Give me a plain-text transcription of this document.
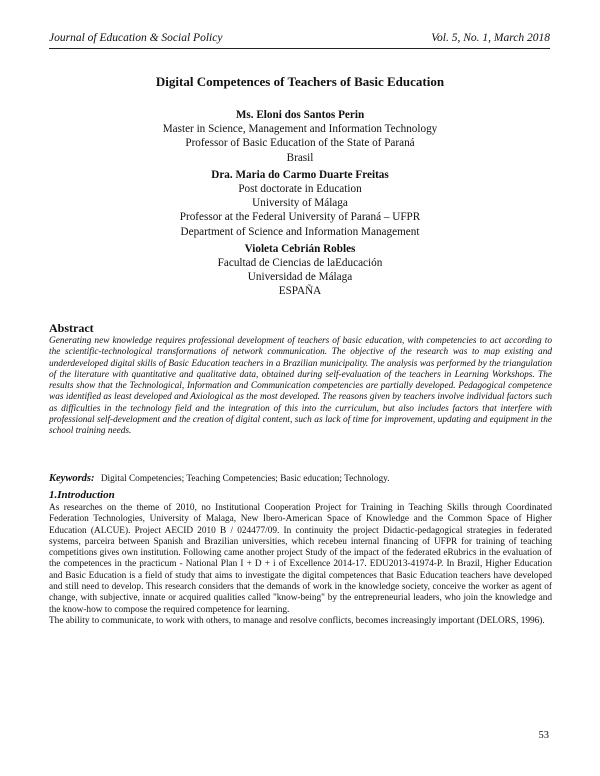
Journal of Education & Social Policy	Vol. 5, No. 1, March 2018
Digital Competences of Teachers of Basic Education
Ms. Eloni dos Santos Perin
Master in Science, Management and Information Technology
Professor of Basic Education of the State of Paraná
Brasil
Dra. Maria do Carmo Duarte Freitas
Post doctorate in Education
University of Málaga
Professor at the Federal University of Paraná – UFPR
Department of Science and Information Management
Violeta Cebrián Robles
Facultad de Ciencias de laEducación
Universidad de Málaga
ESPAÑA
Abstract

Generating new knowledge requires professional development of teachers of basic education, with competencies to act according to the scientific-technological transformations of network communication. The objective of the research was to map existing and underdeveloped digital skills of Basic Education teachers in a Brazilian municipality. The analysis was performed by the triangulation of the literature with quantitative and qualitative data, obtained during self-evaluation of the teachers in Learning Workshops. The results show that the Technological, Information and Communication competencies are partially developed. Pedagogical competence was identified as least developed and Axiological as the most developed. The reasons given by teachers involve individual factors such as difficulties in the technology field and the integration of this into the curriculum, but also includes factors that interfere with professional self-development and the creation of digital content, such as lack of time for improvement, updating and equipment in the school training needs.

Keywords: Digital Competencies; Teaching Competencies; Basic education; Technology.
1.Introduction

As researches on the theme of 2010, no Institutional Cooperation Project for Training in Teaching Skills through Coordinated Federation Technologies, University of Malaga, New Ibero-American Space of Knowledge and the Common Space of Higher Education (ALCUE). Project AECID 2010 B / 024477/09. In continuity the project Didactic-pedagogical strategies in federated systems, parceira between Spanish and Brazilian universities, which recebeu internal financing of UFPR for training of teaching competitions gives own institution. Following came another project Study of the impact of the federated eRubrics in the evaluation of the competences in the practicum - National Plan I + D + i of Excellence 2014-17. EDU2013-41974-P. In Brazil, Higher Education and Basic Education is a field of study that aims to investigate the digital competences that Basic Education teachers have developed and still need to develop. This research considers that the demands of work in the knowledge society, conceive the worker as agent of change, with subjective, innate or acquired qualities called "know-being" by the entrepreneurial leaders, who join the knowledge and the know-how to compose the required competence for learning.

The ability to communicate, to work with others, to manage and resolve conflicts, becomes increasingly important (DELORS, 1996).

53
